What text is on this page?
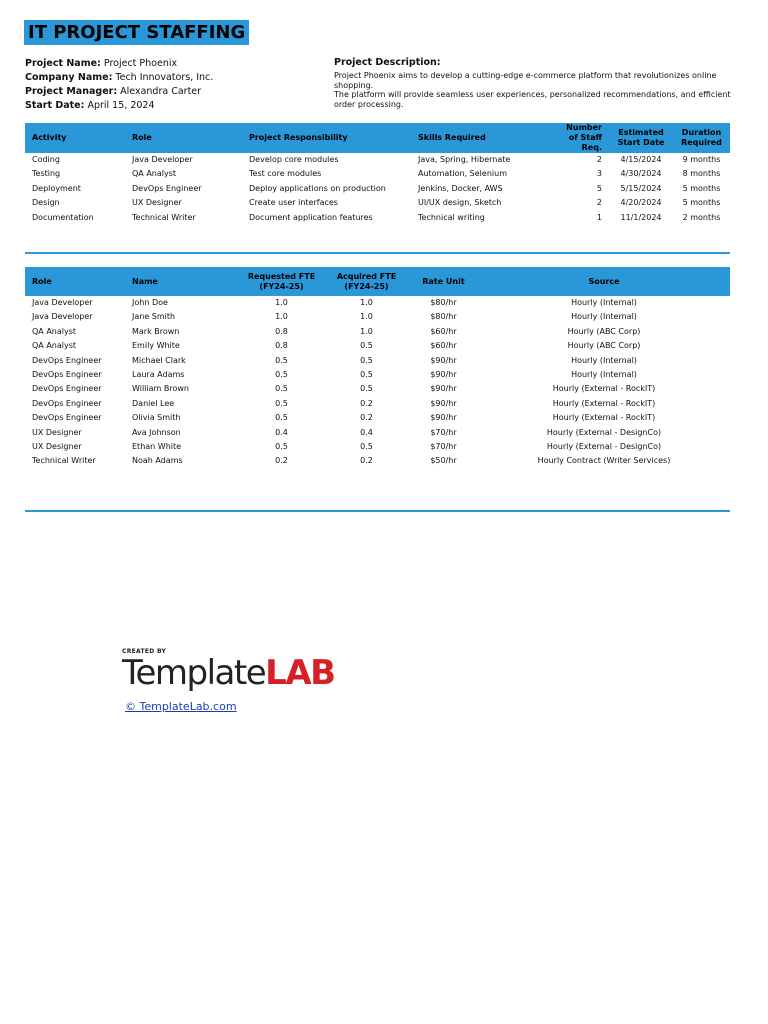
IT PROJECT STAFFING
Project Name: Project Phoenix
Company Name: Tech Innovators, Inc.
Project Manager: Alexandra Carter
Start Date: April 15, 2024
Project Description:
Project Phoenix aims to develop a cutting-edge e-commerce platform that revolutionizes online shopping.
The platform will provide seamless user experiences, personalized recommendations, and efficient order processing.
Activity	Role	Project Responsibility	Skills Required	Number of Staff Req.	Estimated Start Date	Duration Required
Coding	Java Developer	Develop core modules	Java, Spring, Hibernate	2	4/15/2024	9 months
Testing	QA Analyst	Test core modules	Automation, Selenium	3	4/30/2024	8 months
Deployment	DevOps Engineer	Deploy applications on production	Jenkins, Docker, AWS	5	5/15/2024	5 months
Design	UX Designer	Create user interfaces	UI/UX design, Sketch	2	4/20/2024	5 months
Documentation	Technical Writer	Document application features	Technical writing	1	11/1/2024	2 months
Role	Name	Requested FTE (FY24-25)	Acquired FTE (FY24-25)	Rate Unit	Source
Java Developer	John Doe	1.0	1.0	$80/hr	Hourly (Internal)
Java Developer	Jane Smith	1.0	1.0	$80/hr	Hourly (Internal)
QA Analyst	Mark Brown	0.8	1.0	$60/hr	Hourly (ABC Corp)
QA Analyst	Emily White	0.8	0.5	$60/hr	Hourly (ABC Corp)
DevOps Engineer	Michael Clark	0.5	0.5	$90/hr	Hourly (Internal)
DevOps Engineer	Laura Adams	0.5	0.5	$90/hr	Hourly (Internal)
DevOps Engineer	William Brown	0.5	0.5	$90/hr	Hourly (External - RockIT)
DevOps Engineer	Daniel Lee	0.5	0.2	$90/hr	Hourly (External - RockIT)
DevOps Engineer	Olivia Smith	0.5	0.2	$90/hr	Hourly (External - RockIT)
UX Designer	Ava Johnson	0.4	0.4	$70/hr	Hourly (External - DesignCo)
UX Designer	Ethan White	0.5	0.5	$70/hr	Hourly (External - DesignCo)
Technical Writer	Noah Adams	0.2	0.2	$50/hr	Hourly Contract (Writer Services)
CREATED BY
TemplateLAB
© TemplateLab.com
